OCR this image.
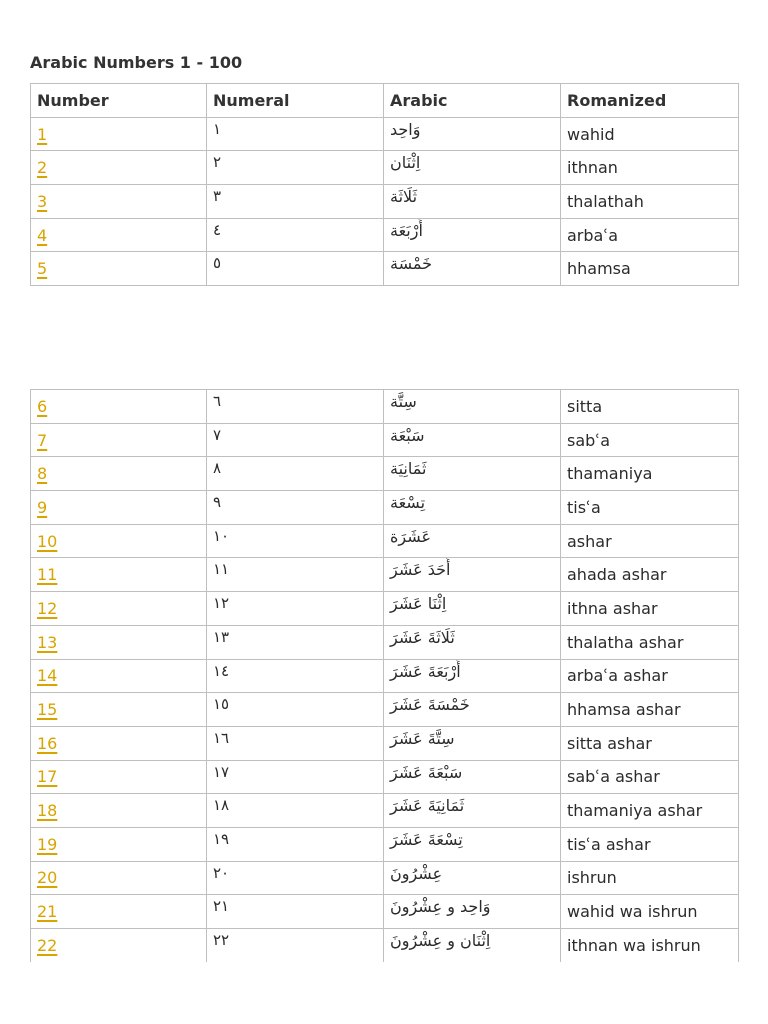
Arabic Numbers 1 - 100
Number	Numeral	Arabic	Romanized
1	١	وَاحِد	wahid
2	٢	اِثْنَان	ithnan
3	٣	ثَلَاثَة	thalathah
4	٤	أَرْبَعَة	arbaʿa
5	٥	خَمْسَة	hhamsa
6	٦	سِتَّة	sitta
7	٧	سَبْعَة	sabʿa
8	٨	ثَمَانِيَة	thamaniya
9	٩	تِسْعَة	tisʿa
10	١٠	عَشَرَة	ashar
11	١١	أَحَدَ عَشَرَ	ahada ashar
12	١٢	اِثْنَا عَشَرَ	ithna ashar
13	١٣	ثَلَاثَةَ عَشَرَ	thalatha ashar
14	١٤	أَرْبَعَةَ عَشَرَ	arbaʿa ashar
15	١٥	خَمْسَةَ عَشَرَ	hhamsa ashar
16	١٦	سِتَّةَ عَشَرَ	sitta ashar
17	١٧	سَبْعَةَ عَشَرَ	sabʿa ashar
18	١٨	ثَمَانِيَةَ عَشَرَ	thamaniya ashar
19	١٩	تِسْعَةَ عَشَرَ	tisʿa ashar
20	٢٠	عِشْرُونَ	ishrun
21	٢١	وَاحِد و عِشْرُونَ	wahid wa ishrun
22	٢٢	اِثْنَان و عِشْرُونَ	ithnan wa ishrun
